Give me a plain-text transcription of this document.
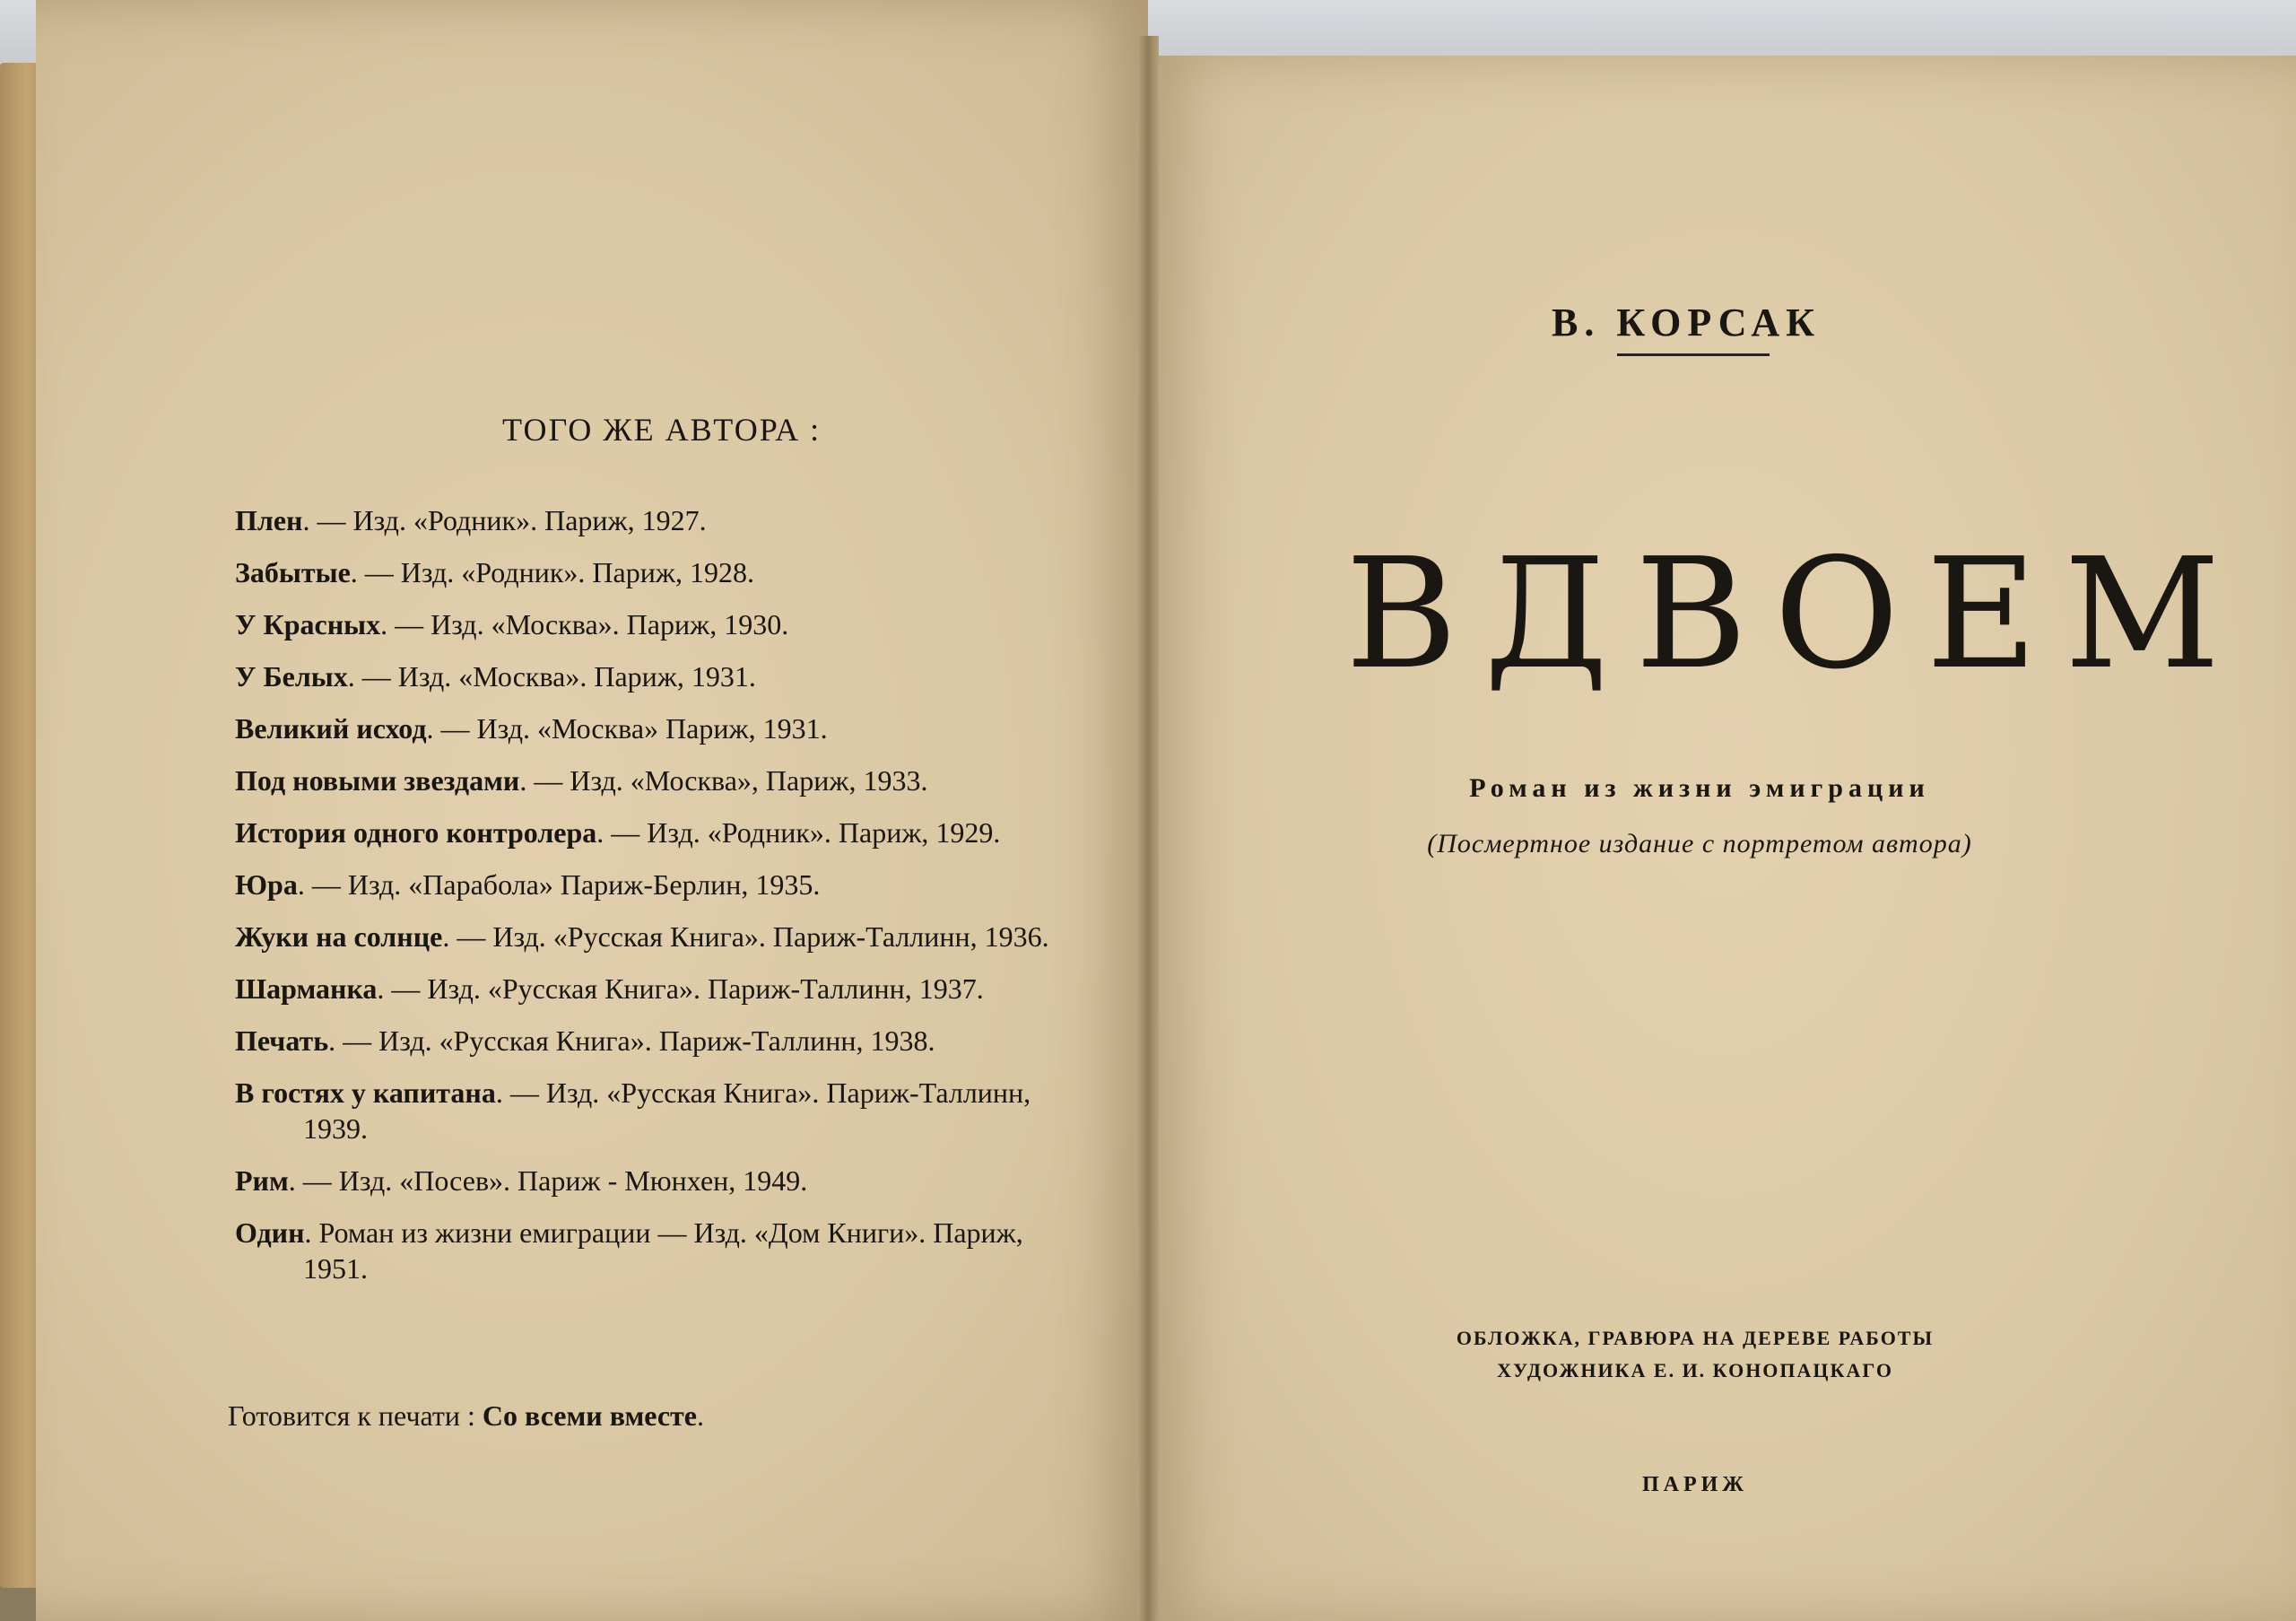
ТОГО ЖЕ АВТОРА :
Плен. — Изд. «Родник». Париж, 1927.
Забытые. — Изд. «Родник». Париж, 1928.
У Красных. — Изд. «Москва». Париж, 1930.
У Белых. — Изд. «Москва». Париж, 1931.
Великий исход. — Изд. «Москва» Париж, 1931.
Под новыми звездами. — Изд. «Москва», Париж, 1933.
История одного контролера. — Изд. «Родник». Париж, 1929.
Юра. — Изд. «Парабола» Париж-Берлин, 1935.
Жуки на солнце. — Изд. «Русская Книга». Париж-Таллинн, 1936.
Шарманка. — Изд. «Русская Книга». Париж-Таллинн, 1937.
Печать. — Изд. «Русская Книга». Париж-Таллинн, 1938.
В гостях у капитана. — Изд. «Русская Книга». Париж-Таллинн, 1939.
Рим. — Изд. «Посев». Париж - Мюнхен, 1949.
Один. Роман из жизни емиграции — Изд. «Дом Книги». Париж, 1951.
Готовится к печати : Со всеми вместе.
В. КОРСАК
ВДВОЕМ
Роман из жизни эмиграции
(Посмертное издание с портретом автора)
ОБЛОЖКА, ГРАВЮРА НА ДЕРЕВЕ РАБОТЫ
ХУДОЖНИКА Е. И. КОНОПАЦКАГО
ПАРИЖ
